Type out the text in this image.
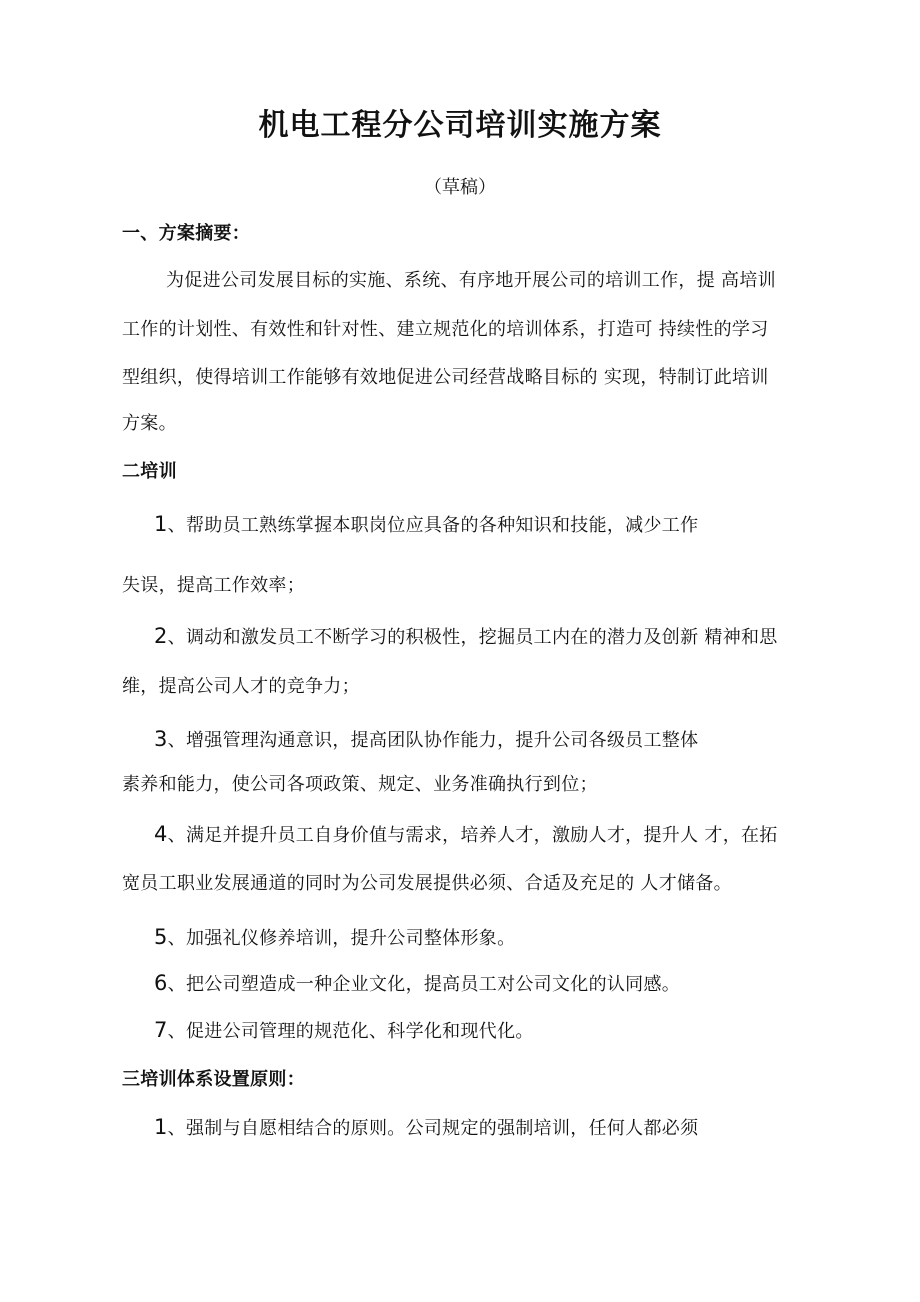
机电工程分公司培训实施方案
（草稿）
一、方案摘要：
为促进公司发展目标的实施、系统、有序地开展公司的培训工作，提 高培训
工作的计划性、有效性和针对性、建立规范化的培训体系，打造可 持续性的学习
型组织，使得培训工作能够有效地促进公司经营战略目标的 实现，特制订此培训
方案。
二培训
1、帮助员工熟练掌握本职岗位应具备的各种知识和技能，减少工作
失误，提高工作效率；
2、调动和激发员工不断学习的积极性，挖掘员工内在的潜力及创新 精神和思
维，提高公司人才的竞争力；
3、增强管理沟通意识，提高团队协作能力，提升公司各级员工整体
素养和能力，使公司各项政策、规定、业务准确执行到位；
4、满足并提升员工自身价值与需求，培养人才，激励人才，提升人 才，在拓
宽员工职业发展通道的同时为公司发展提供必须、合适及充足的 人才储备。
5、加强礼仪修养培训，提升公司整体形象。
6、把公司塑造成一种企业文化，提高员工对公司文化的认同感。
7、促进公司管理的规范化、科学化和现代化。
三培训体系设置原则：
1、强制与自愿相结合的原则。公司规定的强制培训，任何人都必须
